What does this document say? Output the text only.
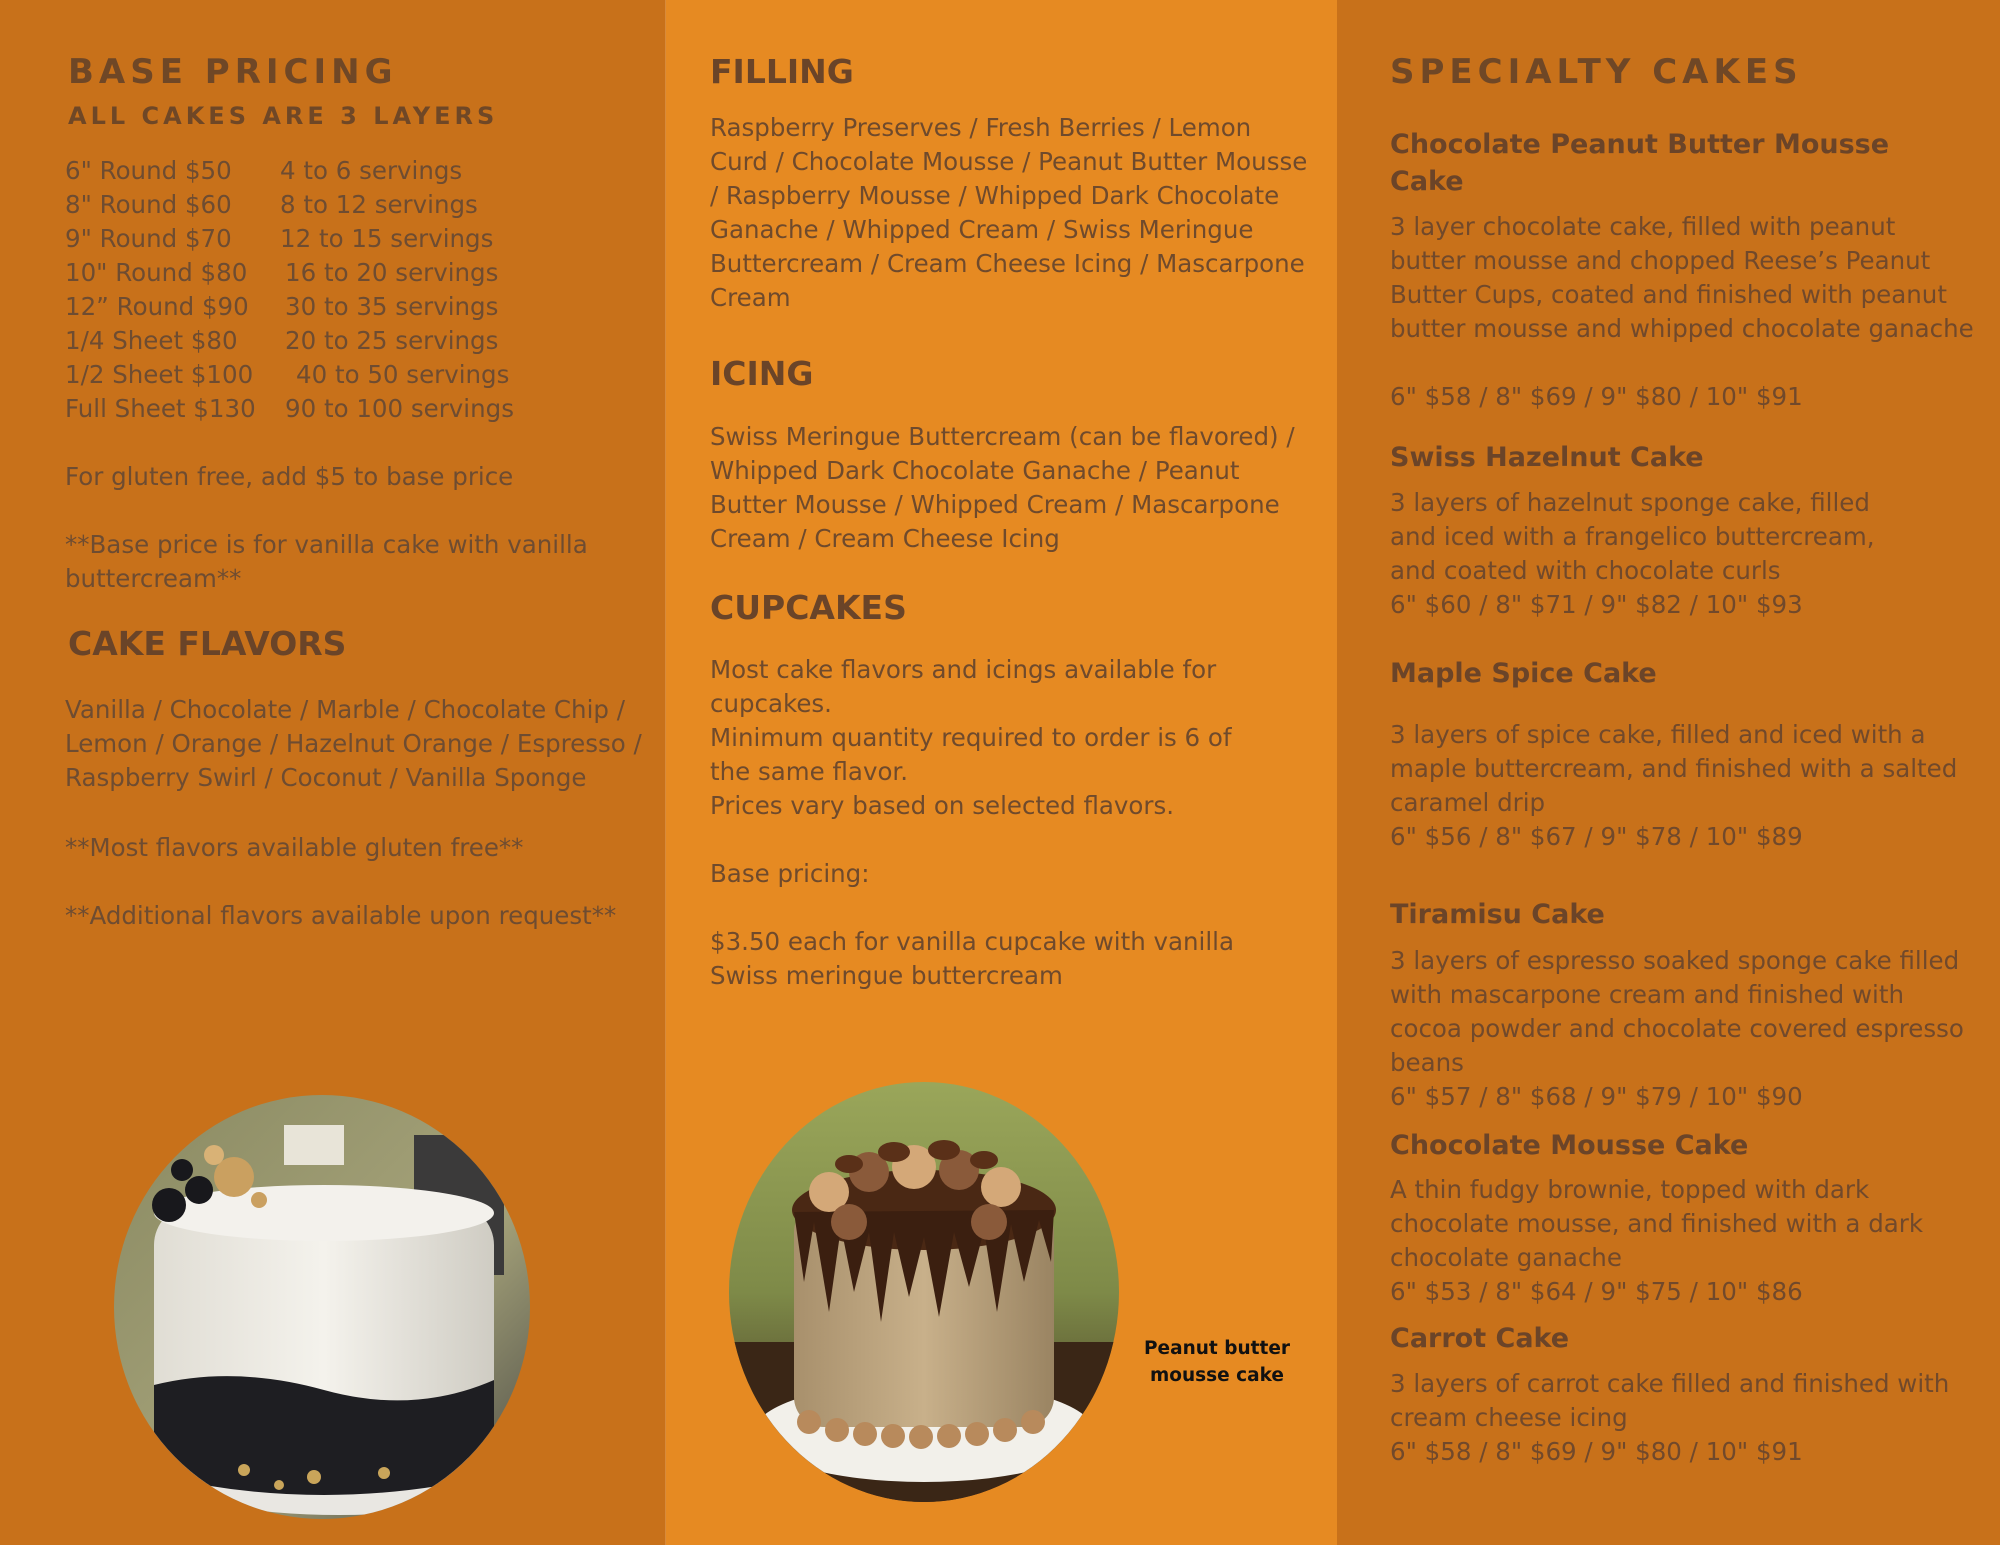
BASE PRICING
ALL CAKES ARE 3 LAYERS
6" Round $50 4 to 6 servings
8" Round $60 8 to 12 servings
9" Round $70 12 to 15 servings
10" Round $80 16 to 20 servings
12” Round $90 30 to 35 servings
1/4 Sheet $80 20 to 25 servings
1/2 Sheet $100 40 to 50 servings
Full Sheet $130 90 to 100 servings

For gluten free, add $5 to base price

**Base price is for vanilla cake with vanilla buttercream**

CAKE FLAVORS

Vanilla / Chocolate / Marble / Chocolate Chip / Lemon / Orange / Hazelnut Orange / Espresso / Raspberry Swirl / Coconut / Vanilla Sponge

**Most flavors available gluten free**

**Additional flavors available upon request**

FILLING

Raspberry Preserves / Fresh Berries / Lemon Curd / Chocolate Mousse / Peanut Butter Mousse / Raspberry Mousse / Whipped Dark Chocolate Ganache / Whipped Cream / Swiss Meringue Buttercream / Cream Cheese Icing / Mascarpone Cream

ICING

Swiss Meringue Buttercream (can be flavored) / Whipped Dark Chocolate Ganache / Peanut Butter Mousse / Whipped Cream / Mascarpone Cream / Cream Cheese Icing

CUPCAKES

Most cake flavors and icings available for cupcakes.

Minimum quantity required to order is 6 of the same flavor.

Prices vary based on selected flavors.

Base pricing:

$3.50 each for vanilla cupcake with vanilla Swiss meringue buttercream

Peanut butter mousse cake

SPECIALTY CAKES

Chocolate Peanut Butter Mousse Cake

3 layer chocolate cake, filled with peanut butter mousse and chopped Reese’s Peanut Butter Cups, coated and finished with peanut butter mousse and whipped chocolate ganache

6" $58 / 8" $69 / 9" $80 / 10" $91

Swiss Hazelnut Cake

3 layers of hazelnut sponge cake, filled and iced with a frangelico buttercream, and coated with chocolate curls

6" $60 / 8" $71 / 9" $82 / 10" $93

Maple Spice Cake

3 layers of spice cake, filled and iced with a maple buttercream, and finished with a salted caramel drip

6" $56 / 8" $67 / 9" $78 / 10" $89

Tiramisu Cake

3 layers of espresso soaked sponge cake filled with mascarpone cream and finished with cocoa powder and chocolate covered espresso beans

6" $57 / 8" $68 / 9" $79 / 10" $90

Chocolate Mousse Cake

A thin fudgy brownie, topped with dark chocolate mousse, and finished with a dark chocolate ganache

6" $53 / 8" $64 / 9" $75 / 10" $86

Carrot Cake

3 layers of carrot cake filled and finished with cream cheese icing

6" $58 / 8" $69 / 9" $80 / 10" $91
